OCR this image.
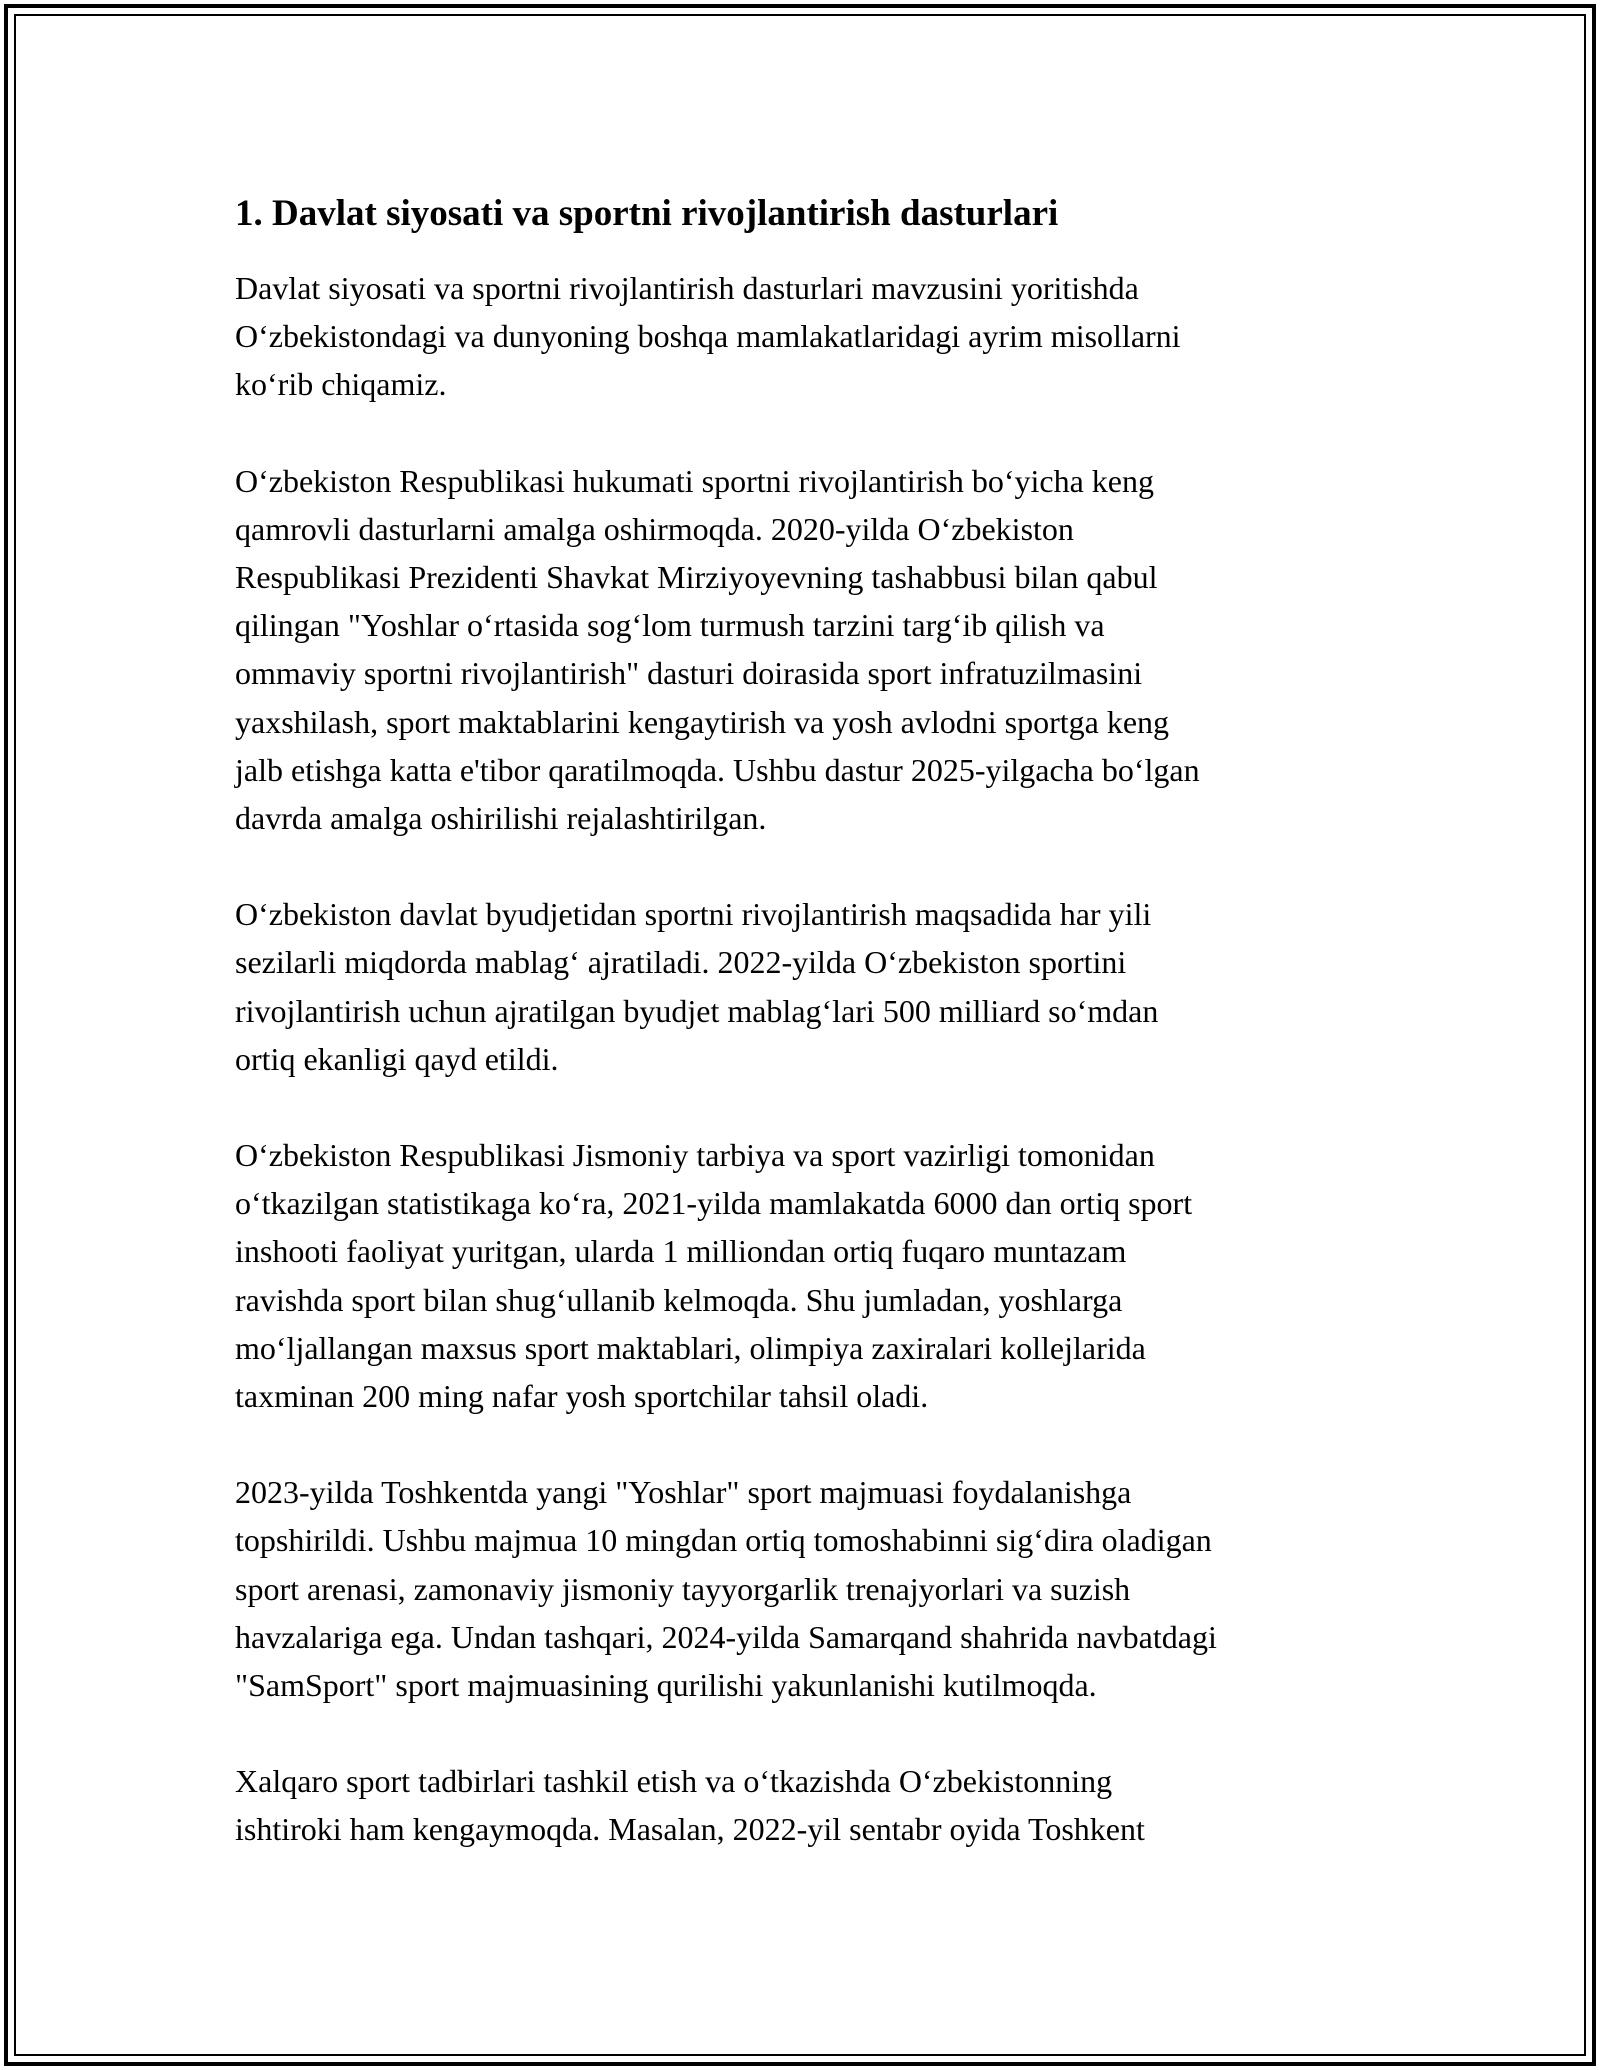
1. Davlat siyosati va sportni rivojlantirish dasturlari

Davlat siyosati va sportni rivojlantirish dasturlari mavzusini yoritishda
Oʻzbekistondagi va dunyoning boshqa mamlakatlaridagi ayrim misollarni
koʻrib chiqamiz.

Oʻzbekiston Respublikasi hukumati sportni rivojlantirish boʻyicha keng
qamrovli dasturlarni amalga oshirmoqda. 2020-yilda Oʻzbekiston
Respublikasi Prezidenti Shavkat Mirziyoyevning tashabbusi bilan qabul
qilingan "Yoshlar oʻrtasida sogʻlom turmush tarzini targʻib qilish va
ommaviy sportni rivojlantirish" dasturi doirasida sport infratuzilmasini
yaxshilash, sport maktablarini kengaytirish va yosh avlodni sportga keng
jalb etishga katta e'tibor qaratilmoqda. Ushbu dastur 2025-yilgacha boʻlgan
davrda amalga oshirilishi rejalashtirilgan.

Oʻzbekiston davlat byudjetidan sportni rivojlantirish maqsadida har yili
sezilarli miqdorda mablagʻ ajratiladi. 2022-yilda Oʻzbekiston sportini
rivojlantirish uchun ajratilgan byudjet mablagʻlari 500 milliard soʻmdan
ortiq ekanligi qayd etildi.

Oʻzbekiston Respublikasi Jismoniy tarbiya va sport vazirligi tomonidan
oʻtkazilgan statistikaga koʻra, 2021-yilda mamlakatda 6000 dan ortiq sport
inshooti faoliyat yuritgan, ularda 1 milliondan ortiq fuqaro muntazam
ravishda sport bilan shugʻullanib kelmoqda. Shu jumladan, yoshlarga
moʻljallangan maxsus sport maktablari, olimpiya zaxiralari kollejlarida
taxminan 200 ming nafar yosh sportchilar tahsil oladi.

2023-yilda Toshkentda yangi "Yoshlar" sport majmuasi foydalanishga
topshirildi. Ushbu majmua 10 mingdan ortiq tomoshabinni sigʻdira oladigan
sport arenasi, zamonaviy jismoniy tayyorgarlik trenajyorlari va suzish
havzalariga ega. Undan tashqari, 2024-yilda Samarqand shahrida navbatdagi
"SamSport" sport majmuasining qurilishi yakunlanishi kutilmoqda.

Xalqaro sport tadbirlari tashkil etish va oʻtkazishda Oʻzbekistonning
ishtiroki ham kengaymoqda. Masalan, 2022-yil sentabr oyida Toshkent
